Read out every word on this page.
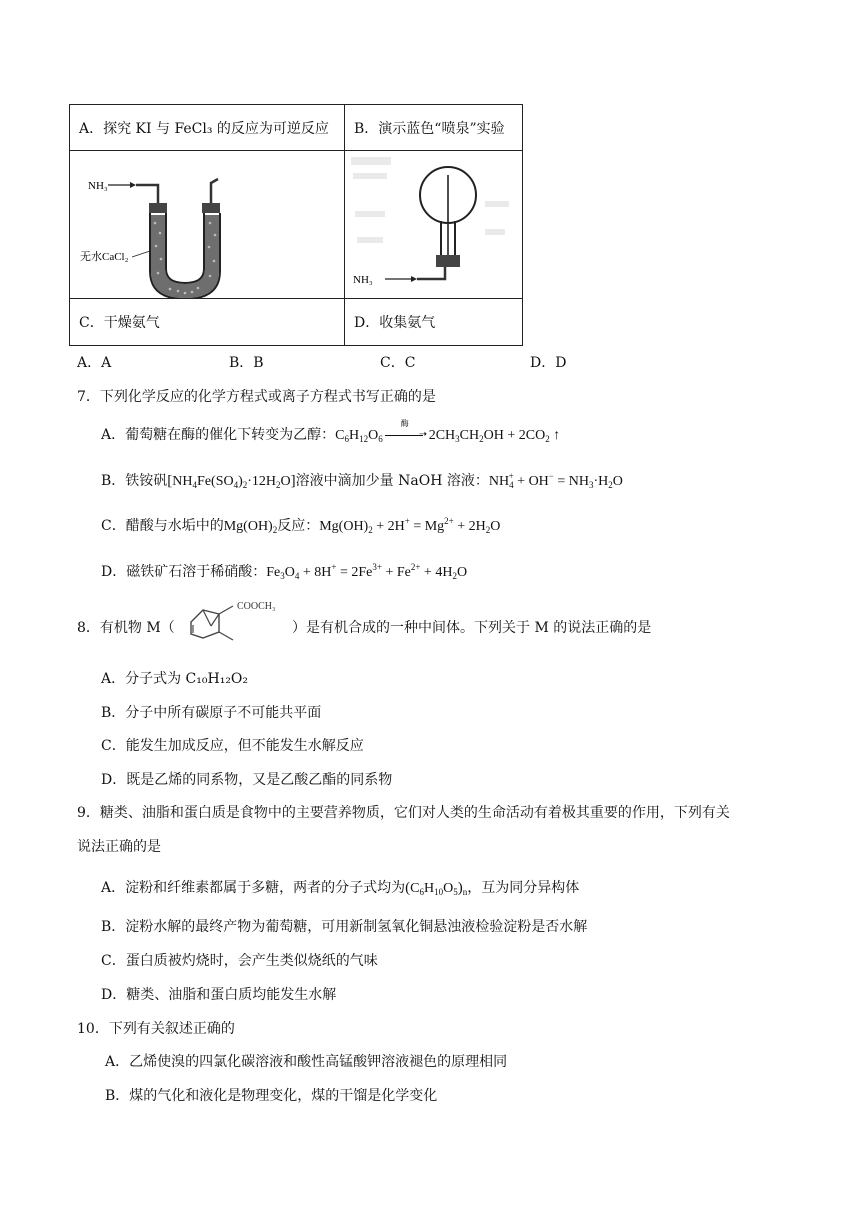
A．探究 KI 与 FeCl₃ 的反应为可逆反应	B．演示蓝色“喷泉”实验

NH₃
无水CaCl₂	NH₃

C．干燥氨气	D．收集氨气
A．A	B．B	C．C	D．D
7．下列化学反应的化学方程式或离子方程式书写正确的是
A．葡萄糖在酶的催化下转变为乙醇：$C_6H_{12}O_6$
酶
➝ $2CH_3CH_2OH + 2CO_2$ ↑
B．铁铵矾$[NH_4Fe(SO_4)_2\cdot 12H_2O]$溶液中滴加少量 NaOH 溶液：$NH_4^+ + OH^- = NH_3\cdot H_2O$
C．醋酸与水垢中的$Mg(OH)_2$反应：$Mg(OH)_2 + 2H^+ = Mg^{2+} + 2H_2O$
D．磁铁矿石溶于稀硝酸：$Fe_3O_4 + 8H^+ = 2Fe^{3+} + Fe^{2+} + 4H_2O$
8．有机物 M（
COOCH₃
）是有机合成的一种中间体。下列关于 M 的说法正确的是
A．分子式为 C₁₀H₁₂O₂
B．分子中所有碳原子不可能共平面
C．能发生加成反应，但不能发生水解反应
D．既是乙烯的同系物，又是乙酸乙酯的同系物
9．糖类、油脂和蛋白质是食物中的主要营养物质，它们对人类的生命活动有着极其重要的作用，下列有关
说法正确的是
A．淀粉和纤维素都属于多糖，两者的分子式均为$(C_6H_{10}O_5)_n$，互为同分异构体
B．淀粉水解的最终产物为葡萄糖，可用新制氢氧化铜悬浊液检验淀粉是否水解
C．蛋白质被灼烧时，会产生类似烧纸的气味
D．糖类、油脂和蛋白质均能发生水解
10．下列有关叙述正确的
A．乙烯使溴的四氯化碳溶液和酸性高锰酸钾溶液褪色的原理相同
B．煤的气化和液化是物理变化，煤的干馏是化学变化
